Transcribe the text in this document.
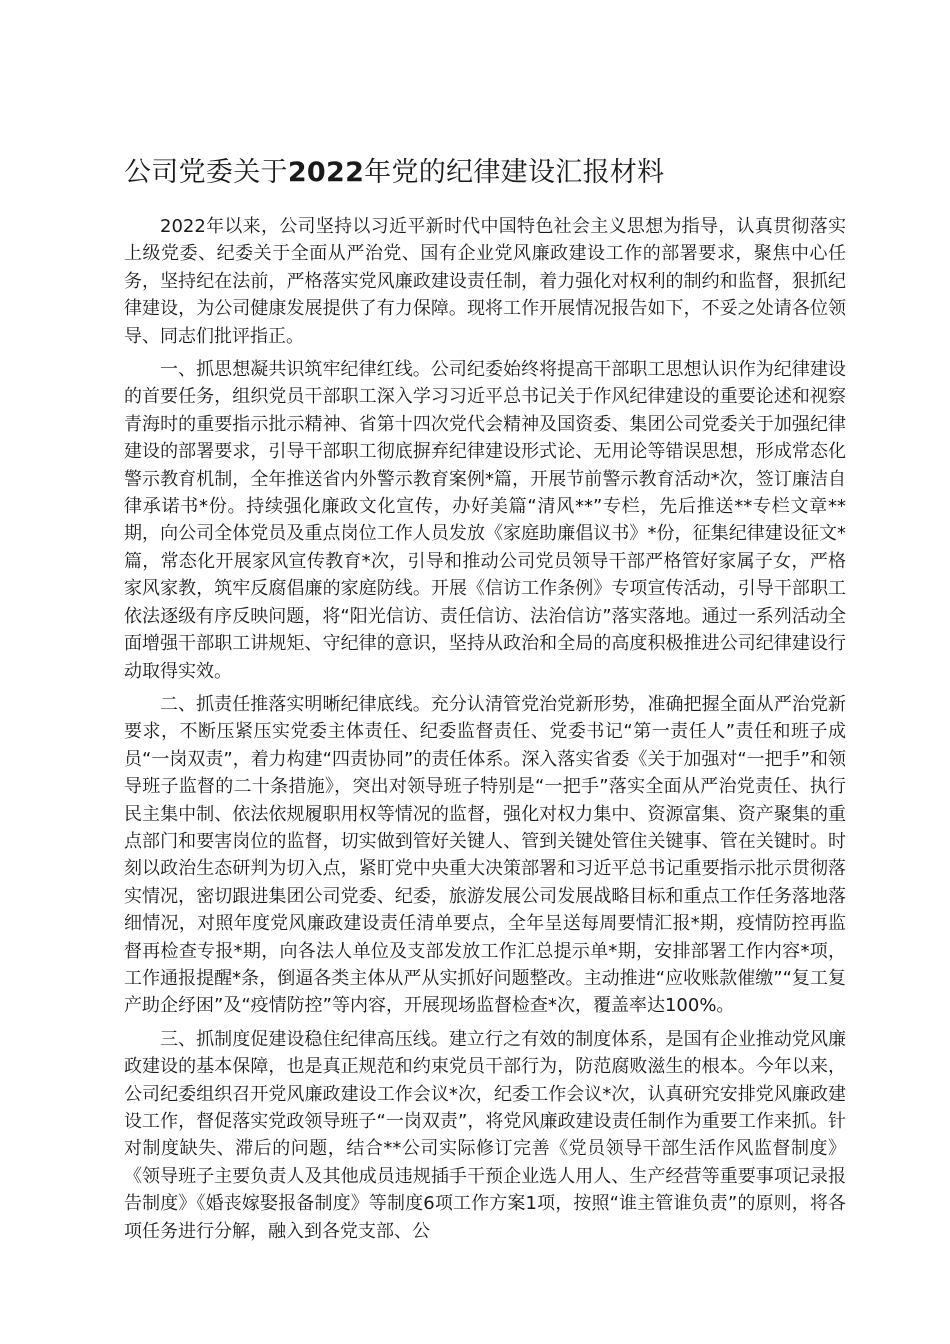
公司党委关于2022年党的纪律建设汇报材料

2022年以来，公司坚持以习近平新时代中国特色社会主义思想为指导，认真贯彻落实上级党委、纪委关于全面从严治党、国有企业党风廉政建设工作的部署要求，聚焦中心任务，坚持纪在法前，严格落实党风廉政建设责任制，着力强化对权利的制约和监督，狠抓纪律建设，为公司健康发展提供了有力保障。现将工作开展情况报告如下，不妥之处请各位领导、同志们批评指正。

一、抓思想凝共识筑牢纪律红线。公司纪委始终将提高干部职工思想认识作为纪律建设的首要任务，组织党员干部职工深入学习习近平总书记关于作风纪律建设的重要论述和视察青海时的重要指示批示精神、省第十四次党代会精神及国资委、集团公司党委关于加强纪律建设的部署要求，引导干部职工彻底摒弃纪律建设形式论、无用论等错误思想，形成常态化警示教育机制，全年推送省内外警示教育案例*篇，开展节前警示教育活动*次，签订廉洁自律承诺书*份。持续强化廉政文化宣传，办好美篇“清风**”专栏，先后推送**专栏文章**期，向公司全体党员及重点岗位工作人员发放《家庭助廉倡议书》*份，征集纪律建设征文*篇，常态化开展家风宣传教育*次，引导和推动公司党员领导干部严格管好家属子女，严格家风家教，筑牢反腐倡廉的家庭防线。开展《信访工作条例》专项宣传活动，引导干部职工依法逐级有序反映问题，将“阳光信访、责任信访、法治信访”落实落地。通过一系列活动全面增强干部职工讲规矩、守纪律的意识，坚持从政治和全局的高度积极推进公司纪律建设行动取得实效。

二、抓责任推落实明晰纪律底线。充分认清管党治党新形势，准确把握全面从严治党新要求，不断压紧压实党委主体责任、纪委监督责任、党委书记“第一责任人”责任和班子成员“一岗双责”，着力构建“四责协同”的责任体系。深入落实省委《关于加强对“一把手”和领导班子监督的二十条措施》，突出对领导班子特别是“一把手”落实全面从严治党责任、执行民主集中制、依法依规履职用权等情况的监督，强化对权力集中、资源富集、资产聚集的重点部门和要害岗位的监督，切实做到管好关键人、管到关键处管住关键事、管在关键时。时刻以政治生态研判为切入点，紧盯党中央重大决策部署和习近平总书记重要指示批示贯彻落实情况，密切跟进集团公司党委、纪委，旅游发展公司发展战略目标和重点工作任务落地落细情况，对照年度党风廉政建设责任清单要点，全年呈送每周要情汇报*期，疫情防控再监督再检查专报*期，向各法人单位及支部发放工作汇总提示单*期，安排部署工作内容*项，工作通报提醒*条，倒逼各类主体从严从实抓好问题整改。主动推进“应收账款催缴”“复工复产助企纾困”及“疫情防控”等内容，开展现场监督检查*次，覆盖率达100%。

三、抓制度促建设稳住纪律高压线。建立行之有效的制度体系，是国有企业推动党风廉政建设的基本保障，也是真正规范和约束党员干部行为，防范腐败滋生的根本。今年以来，公司纪委组织召开党风廉政建设工作会议*次，纪委工作会议*次，认真研究安排党风廉政建设工作，督促落实党政领导班子“一岗双责”，将党风廉政建设责任制作为重要工作来抓。针对制度缺失、滞后的问题，结合**公司实际修订完善《党员领导干部生活作风监督制度》《领导班子主要负责人及其他成员违规插手干预企业选人用人、生产经营等重要事项记录报告制度》《婚丧嫁娶报备制度》等制度6项工作方案1项，按照“谁主管谁负责”的原则，将各项任务进行分解，融入到各党支部、公
